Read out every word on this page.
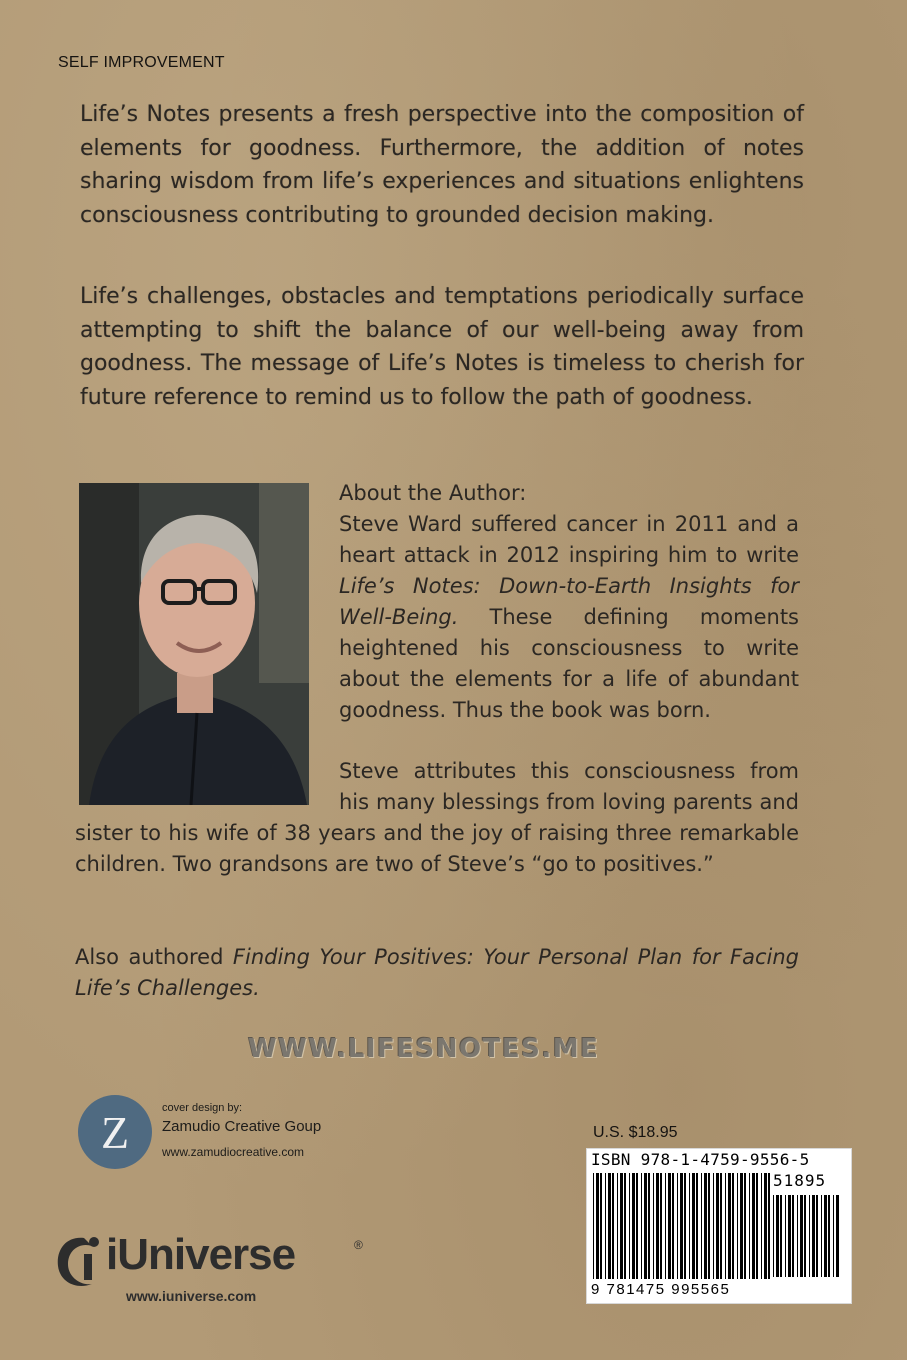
SELF IMPROVEMENT

Life’s Notes presents a fresh perspective into the composition of elements for goodness. Furthermore, the addition of notes sharing wisdom from life’s experiences and situations enlightens consciousness contributing to grounded decision making.

Life’s challenges, obstacles and temptations periodically surface attempting to shift the balance of our well-being away from goodness. The message of Life’s Notes is timeless to cherish for future reference to remind us to follow the path of goodness.

About the Author:

Steve Ward suffered cancer in 2011 and a heart attack in 2012 inspiring him to write Life’s Notes: Down-to-Earth Insights for Well-Being. These defining moments heightened his consciousness to write about the elements for a life of abundant goodness. Thus the book was born.

Steve attributes this consciousness from his many blessings from loving parents and sister to his wife of 38 years and the joy of raising three remarkable children. Two grandsons are two of Steve’s “go to positives.”

Also authored Finding Your Positives: Your Personal Plan for Facing Life’s Challenges.

WWW.LIFESNOTES.ME
Z	cover design by:
Zamudio Creative Goup
www.zamudiocreative.com
iUniverse	®
www.iuniverse.com
U.S. $18.95
ISBN 978-1-4759-9556-5
51895
9 781475 995565
